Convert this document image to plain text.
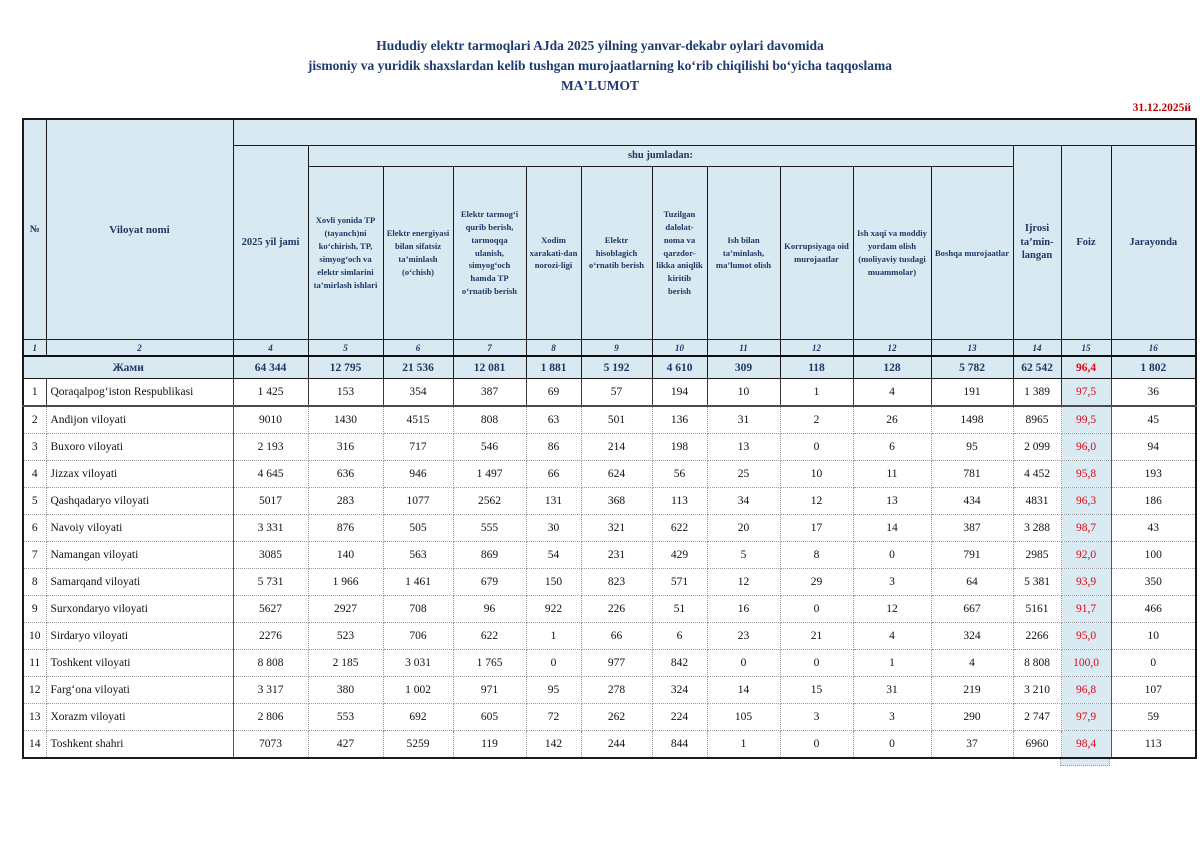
Hududiy elektr tarmoqlari AJda 2025 yilning yanvar-dekabr oylari davomida
jismoniy va yuridik shaxslardan kelib tushgan murojaatlarning koʻrib chiqilishi boʻyicha taqqoslama
MAʼLUMOT
31.12.2025й
№	Viloyat nomi														
		2025 yil jami	shu jumladan:										Ijrosi taʼmin-langan	Foiz	Jarayonda
			Xovli yonida TP (tayanch)ni koʻchirish, TP, simyogʻoch va elektr simlarini taʼmirlash ishlari	Elektr energiyasi bilan sifatsiz taʼminlash (oʻchish)	Elektr tarmogʻi qurib berish, tarmoqqa ulanish, simyogʻoch hamda TP oʻrnatib berish	Xodim xarakati-dan norozi-ligi	Elektr hisoblagich oʻrnatib berish	Tuzilgan dalolat-noma va qarzdor-likka aniqlik kiritib berish	Ish bilan taʼminlash, maʼlumot olish	Korrupsiyaga oid murojaatlar	Ish xaqi va moddiy yordam olish (moliyaviy tusdagi muammolar)	Boshqa murojaatlar			
1	2	4	5	6	7	8	9	10	11	12	12	13	14	15	16
Жами		64 344	12 795	21 536	12 081	1 881	5 192	4 610	309	118	128	5 782	62 542	96,4	1 802
1	Qoraqalpogʻiston Respublikasi	1 425	153	354	387	69	57	194	10	1	4	191	1 389	97,5	36
2	Andijon viloyati	9010	1430	4515	808	63	501	136	31	2	26	1498	8965	99,5	45
3	Buxoro viloyati	2 193	316	717	546	86	214	198	13	0	6	95	2 099	96,0	94
4	Jizzax viloyati	4 645	636	946	1 497	66	624	56	25	10	11	781	4 452	95,8	193
5	Qashqadaryo viloyati	5017	283	1077	2562	131	368	113	34	12	13	434	4831	96,3	186
6	Navoiy viloyati	3 331	876	505	555	30	321	622	20	17	14	387	3 288	98,7	43
7	Namangan viloyati	3085	140	563	869	54	231	429	5	8	0	791	2985	92,0	100
8	Samarqand viloyati	5 731	1 966	1 461	679	150	823	571	12	29	3	64	5 381	93,9	350
9	Surxondaryo viloyati	5627	2927	708	96	922	226	51	16	0	12	667	5161	91,7	466
10	Sirdaryo viloyati	2276	523	706	622	1	66	6	23	21	4	324	2266	95,0	10
11	Toshkent viloyati	8 808	2 185	3 031	1 765	0	977	842	0	0	1	4	8 808	100,0	0
12	Fargʻona viloyati	3 317	380	1 002	971	95	278	324	14	15	31	219	3 210	96,8	107
13	Xorazm viloyati	2 806	553	692	605	72	262	224	105	3	3	290	2 747	97,9	59
14	Toshkent shahri	7073	427	5259	119	142	244	844	1	0	0	37	6960	98,4	113
